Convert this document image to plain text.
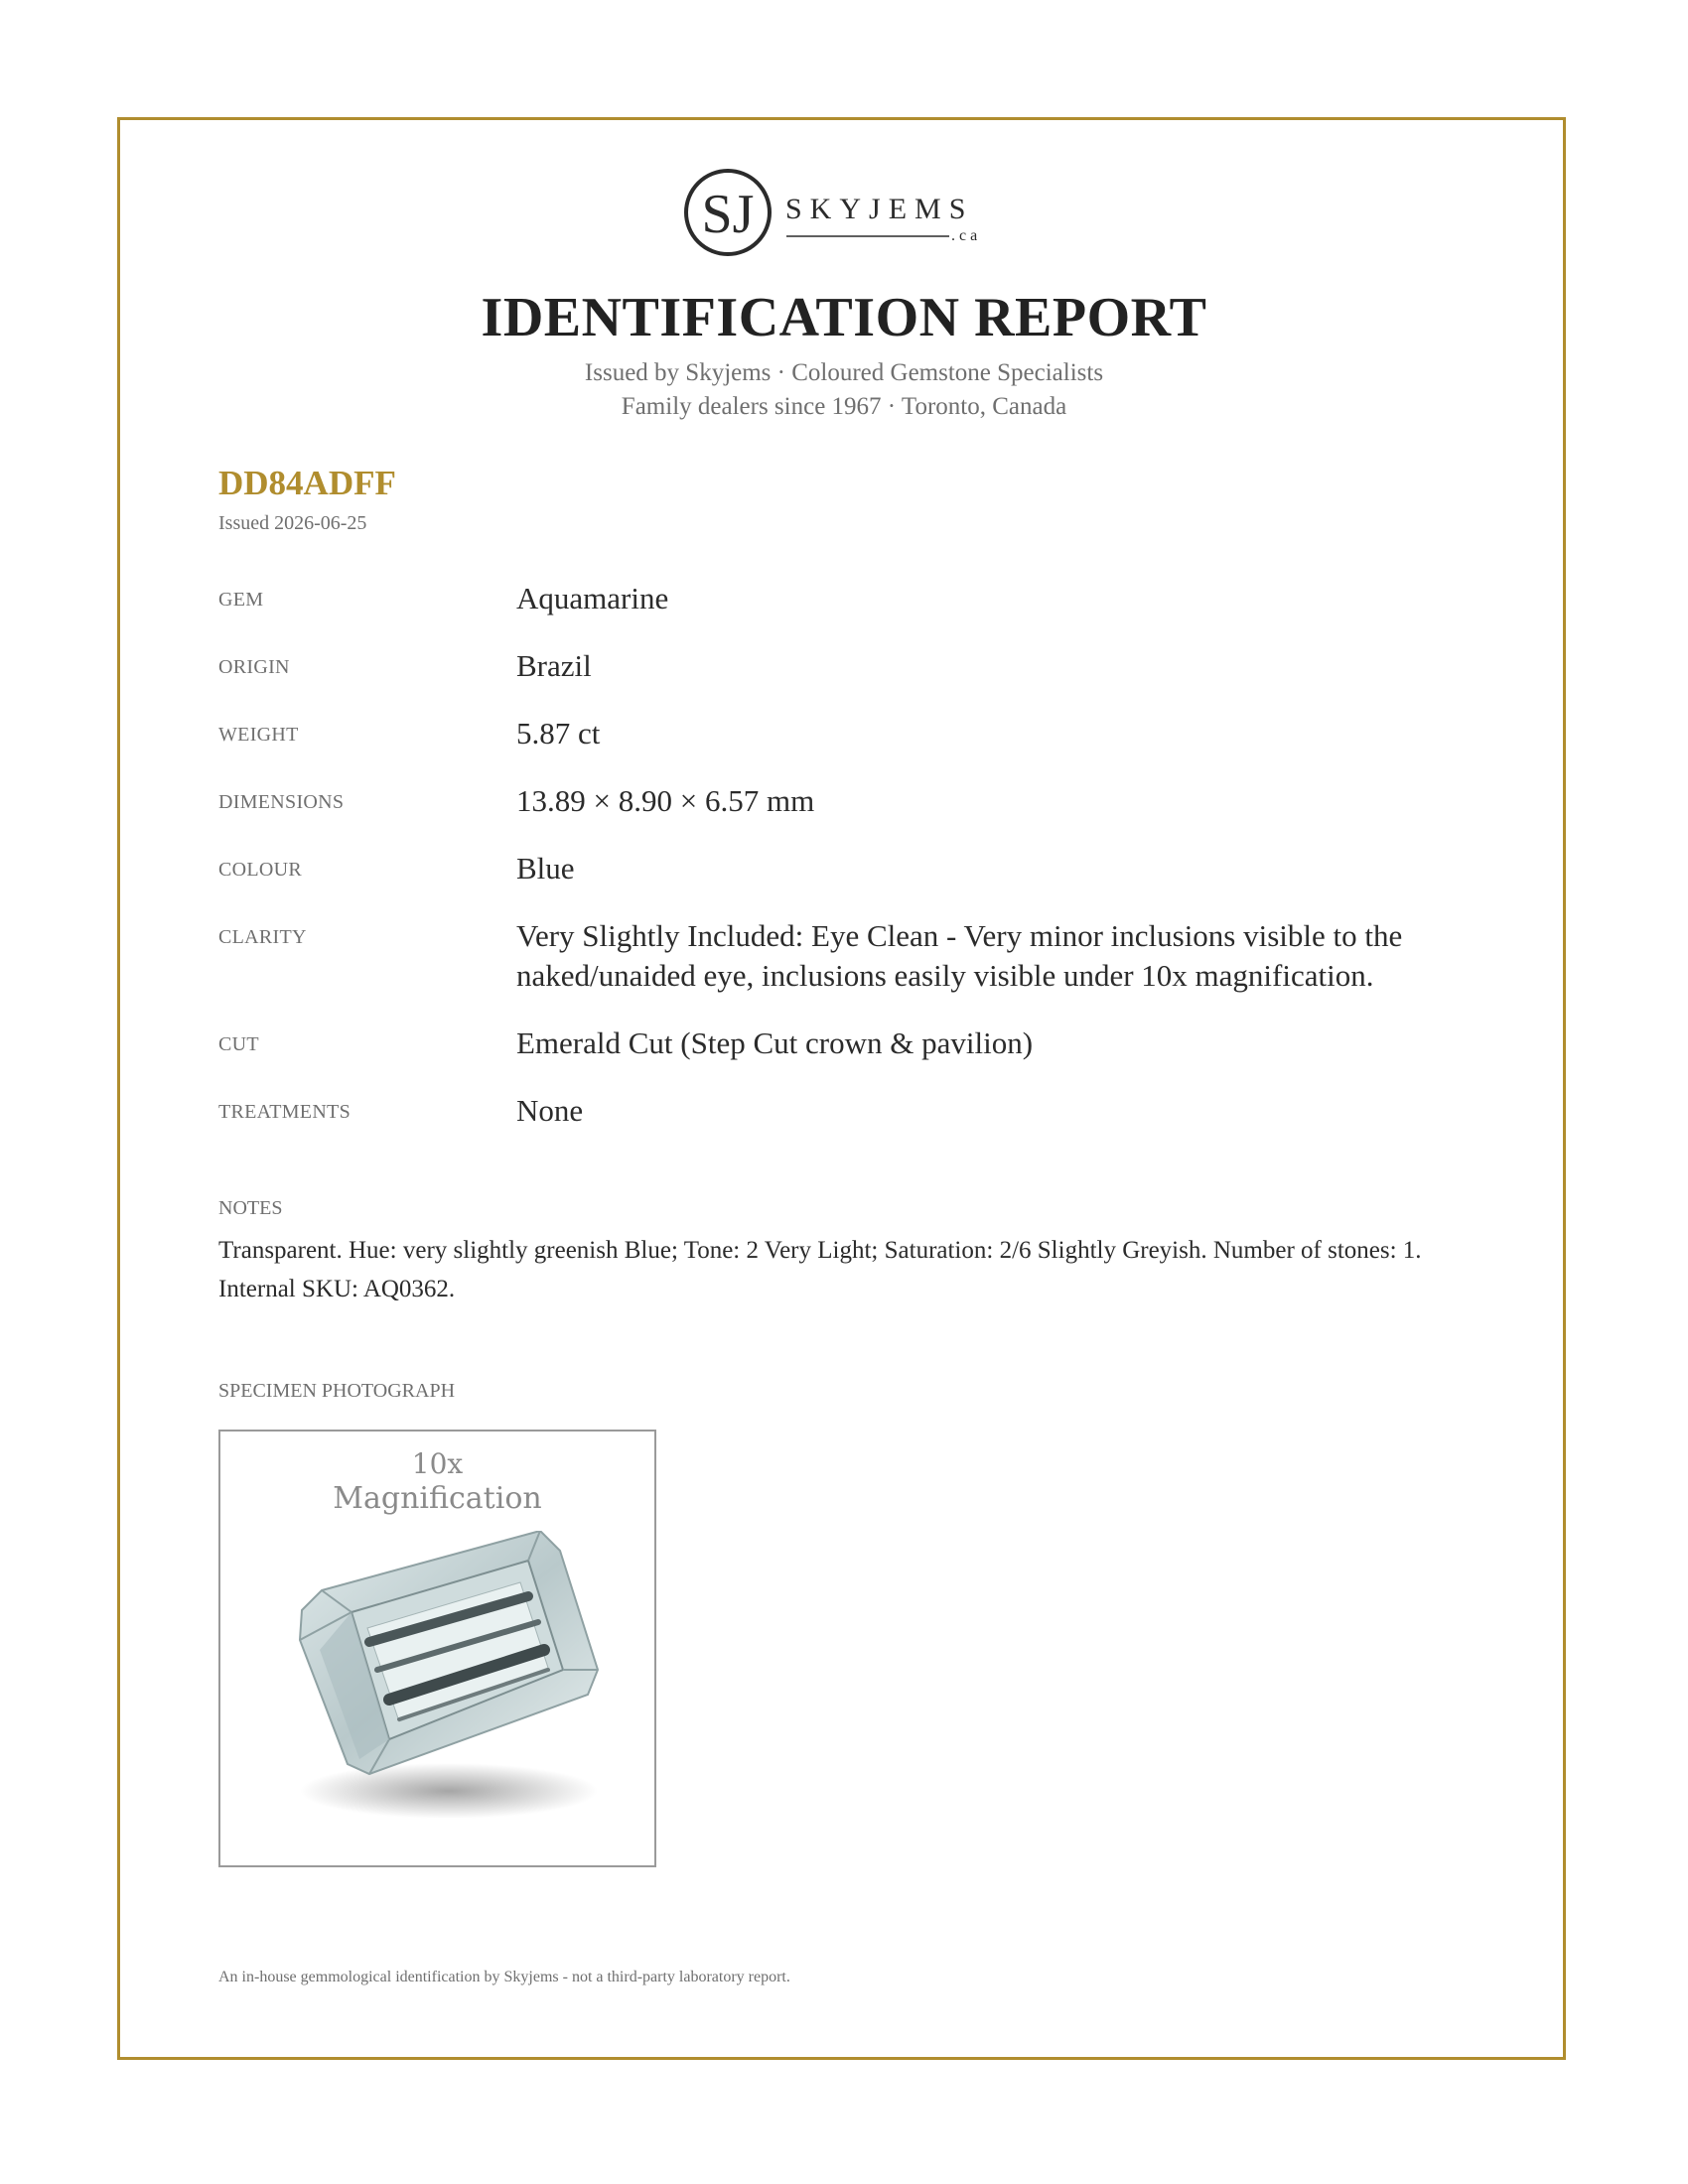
SJ SKYJEMS
.ca
IDENTIFICATION REPORT
Issued by Skyjems · Coloured Gemstone Specialists
Family dealers since 1967 · Toronto, Canada
DD84ADFF
Issued 2026-06-25
GEM	Aquamarine
ORIGIN	Brazil
WEIGHT	5.87 ct
DIMENSIONS	13.89 × 8.90 × 6.57 mm
COLOUR	Blue
CLARITY	Very Slightly Included: Eye Clean - Very minor inclusions visible to the naked/unaided eye, inclusions easily visible under 10x magnification.
CUT	Emerald Cut (Step Cut crown & pavilion)
TREATMENTS	None
NOTES
Transparent. Hue: very slightly greenish Blue; Tone: 2 Very Light; Saturation: 2/6 Slightly Greyish. Number of stones: 1. Internal SKU: AQ0362.
SPECIMEN PHOTOGRAPH
10x
Magnification
An in-house gemmological identification by Skyjems - not a third-party laboratory report.
